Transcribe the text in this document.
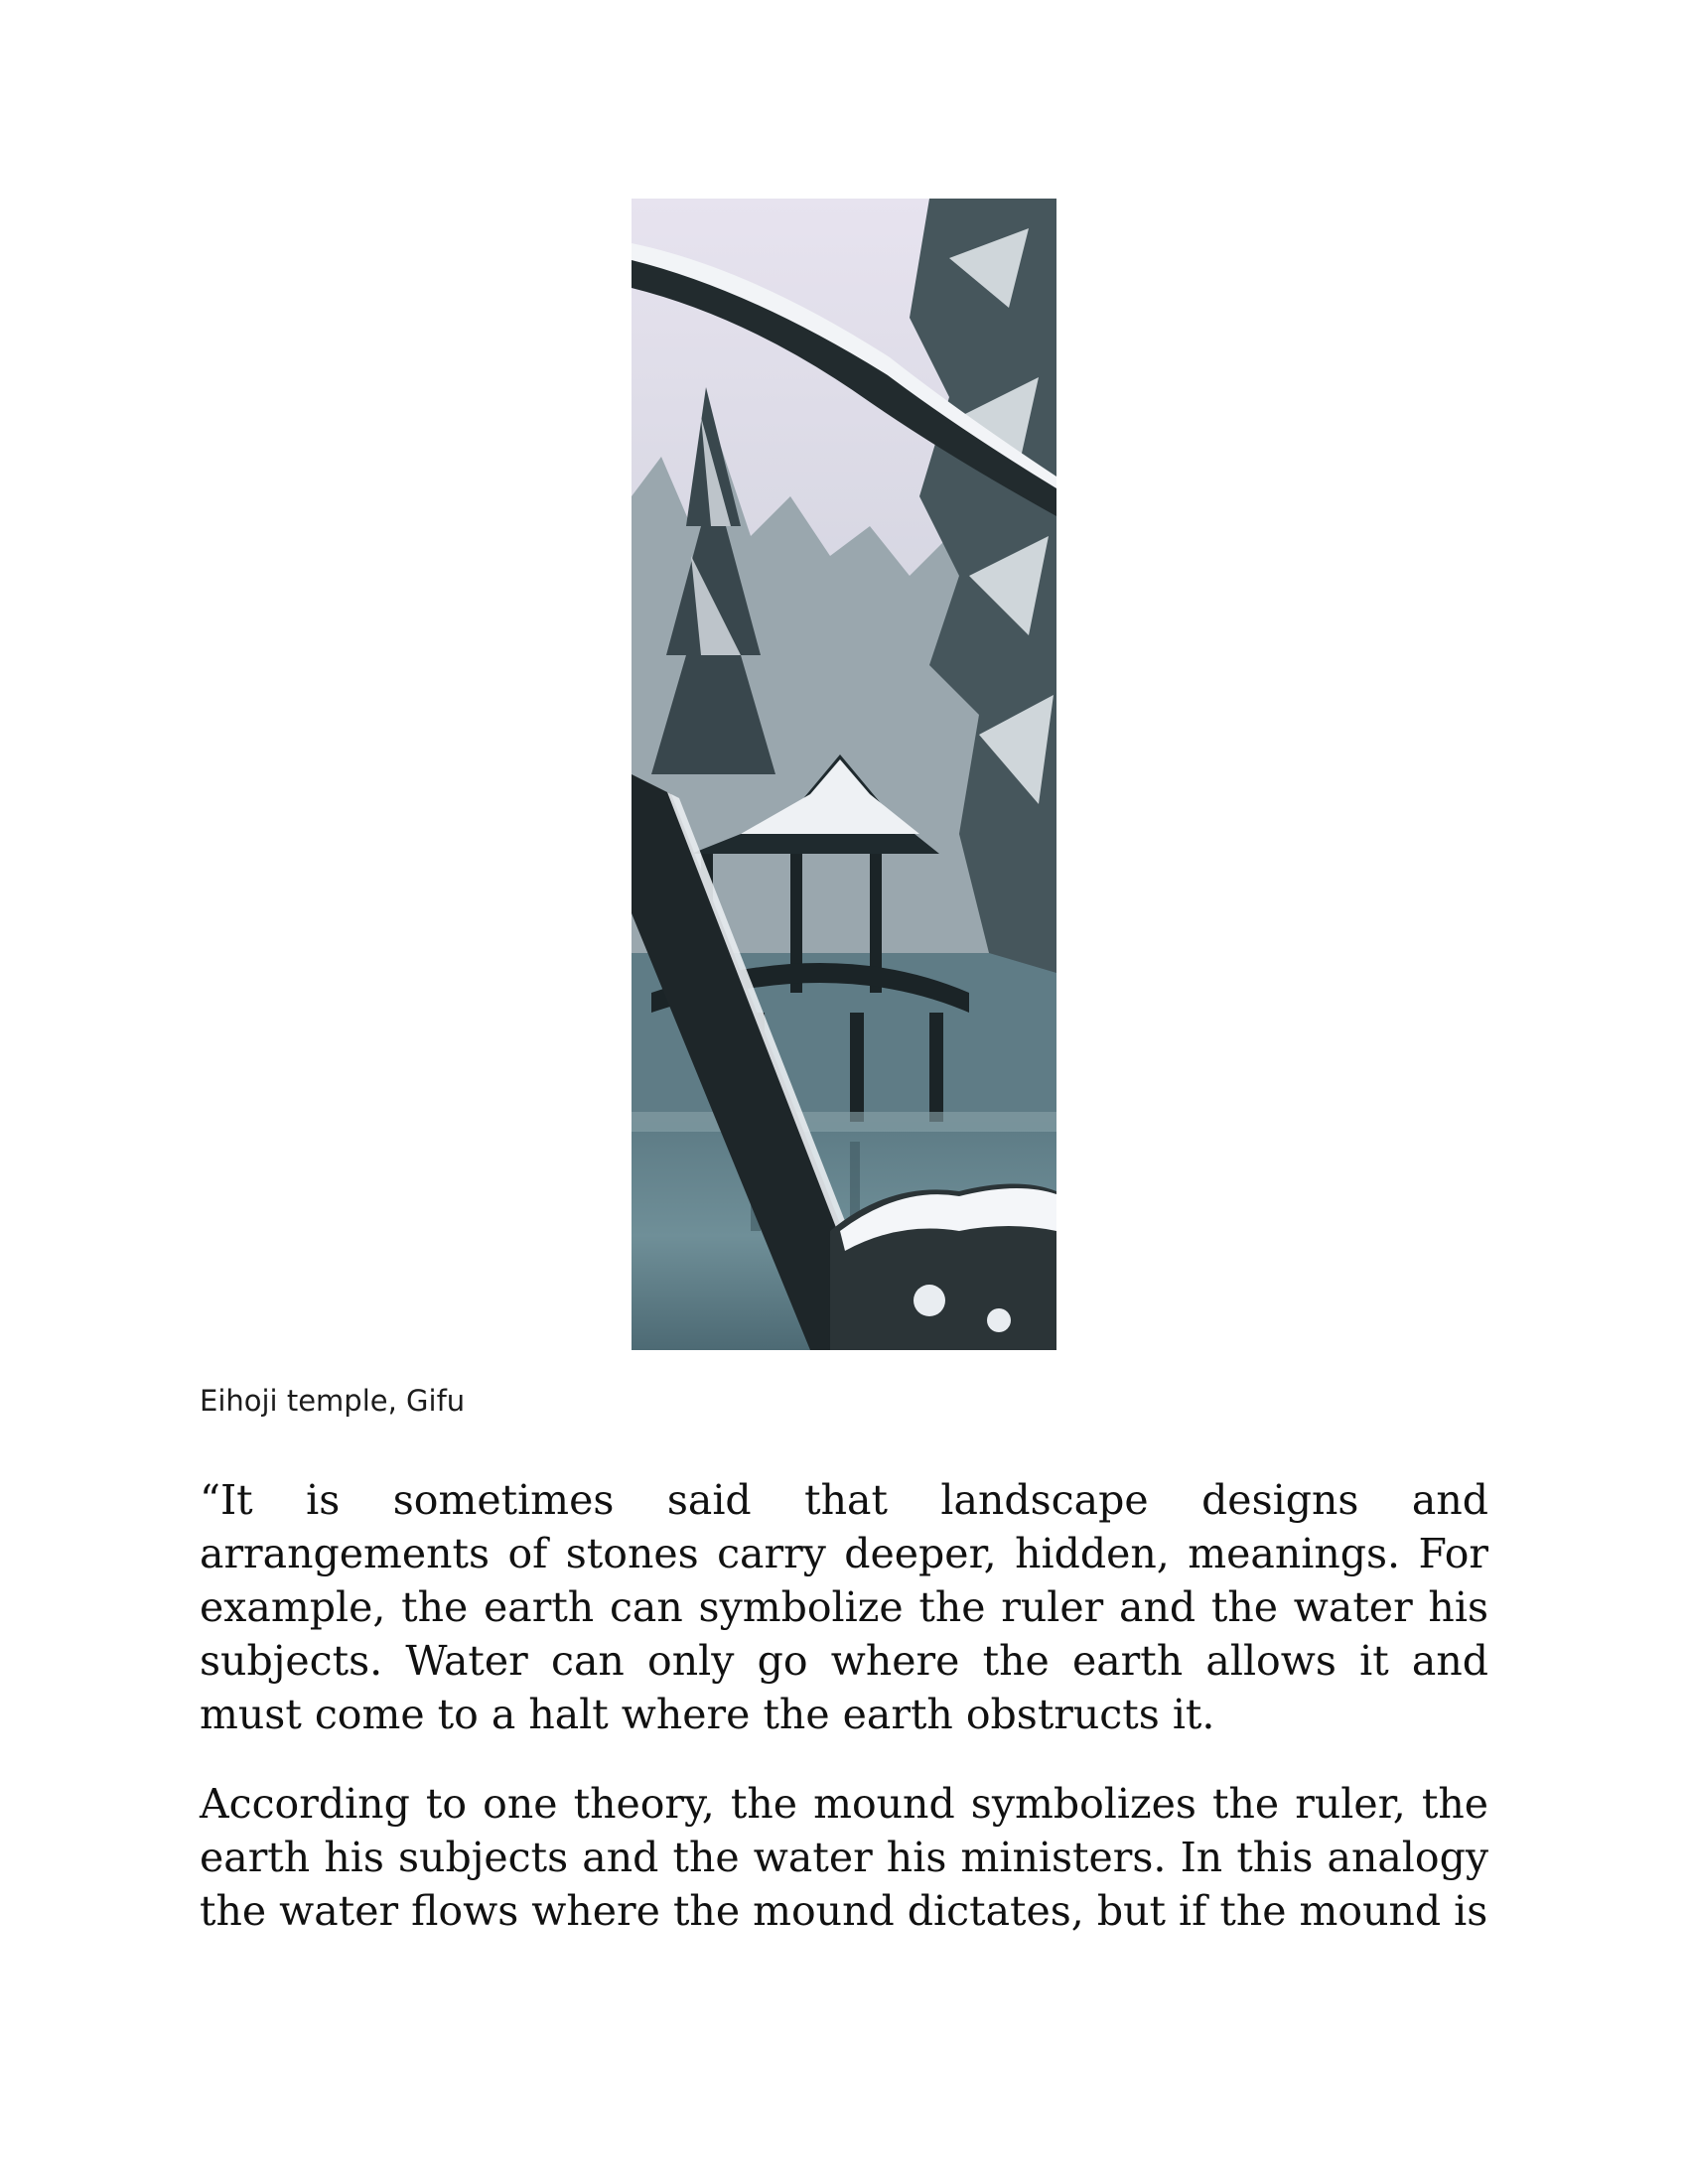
Eihoji temple, Gifu

“It is sometimes said that landscape designs and arrangements of stones carry deeper, hidden, meanings. For example, the earth can symbolize the ruler and the water his subjects. Water can only go where the earth allows it and must come to a halt where the earth obstructs it.

According to one theory, the mound symbolizes the ruler, the earth his subjects and the water his ministers. In this analogy the water flows where the mound dictates, but if the mound is
